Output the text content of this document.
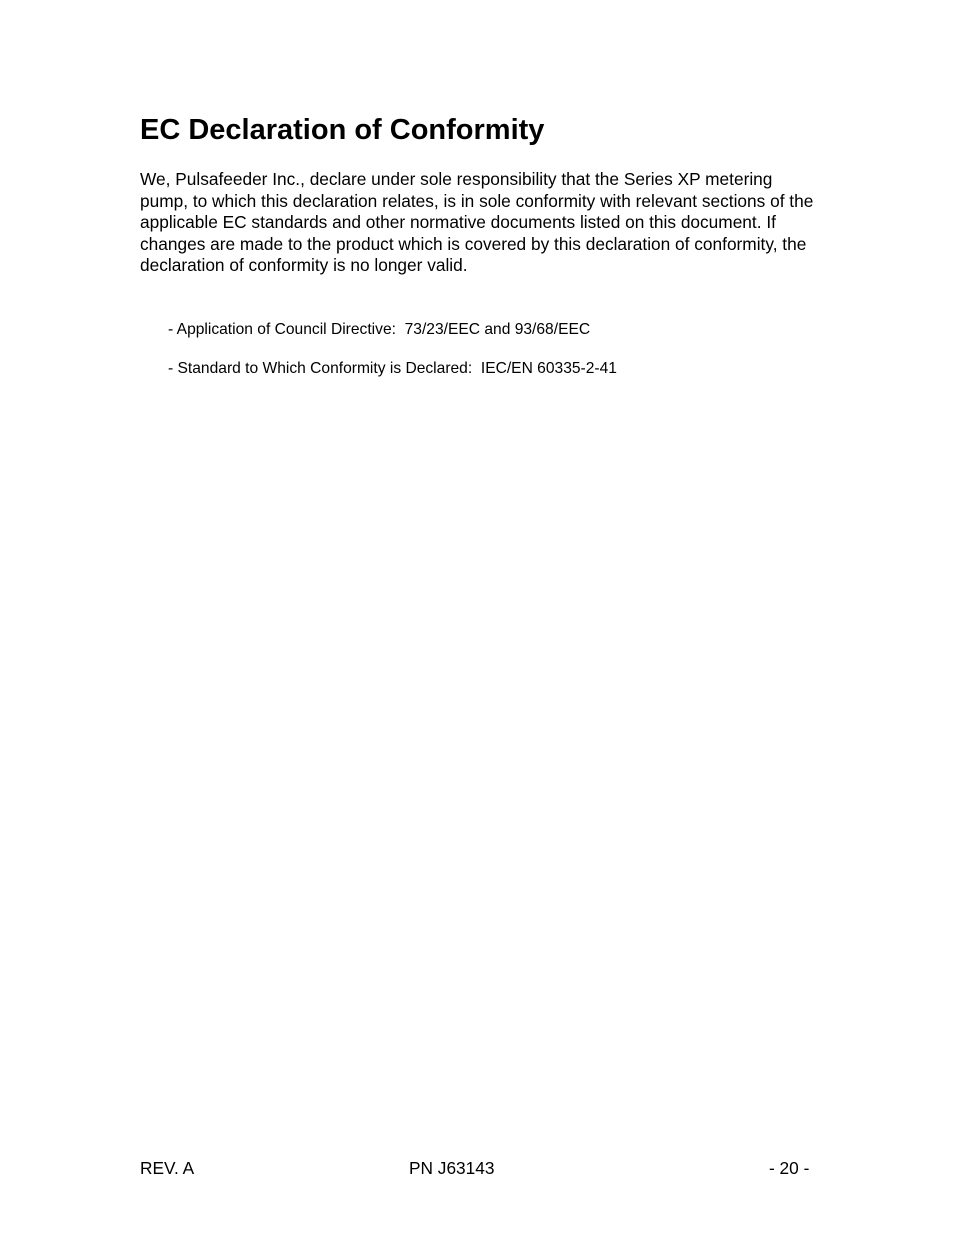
EC Declaration of Conformity

We, Pulsafeeder Inc., declare under sole responsibility that the Series XP metering pump, to which this declaration relates, is in sole conformity with relevant sections of the applicable EC standards and other normative documents listed on this document. If changes are made to the product which is covered by this declaration of conformity, the declaration of conformity is no longer valid.

- Application of Council Directive:  73/23/EEC and 93/68/EEC
- Standard to Which Conformity is Declared:  IEC/EN 60335-2-41
REV. A	PN J63143	- 20 -
